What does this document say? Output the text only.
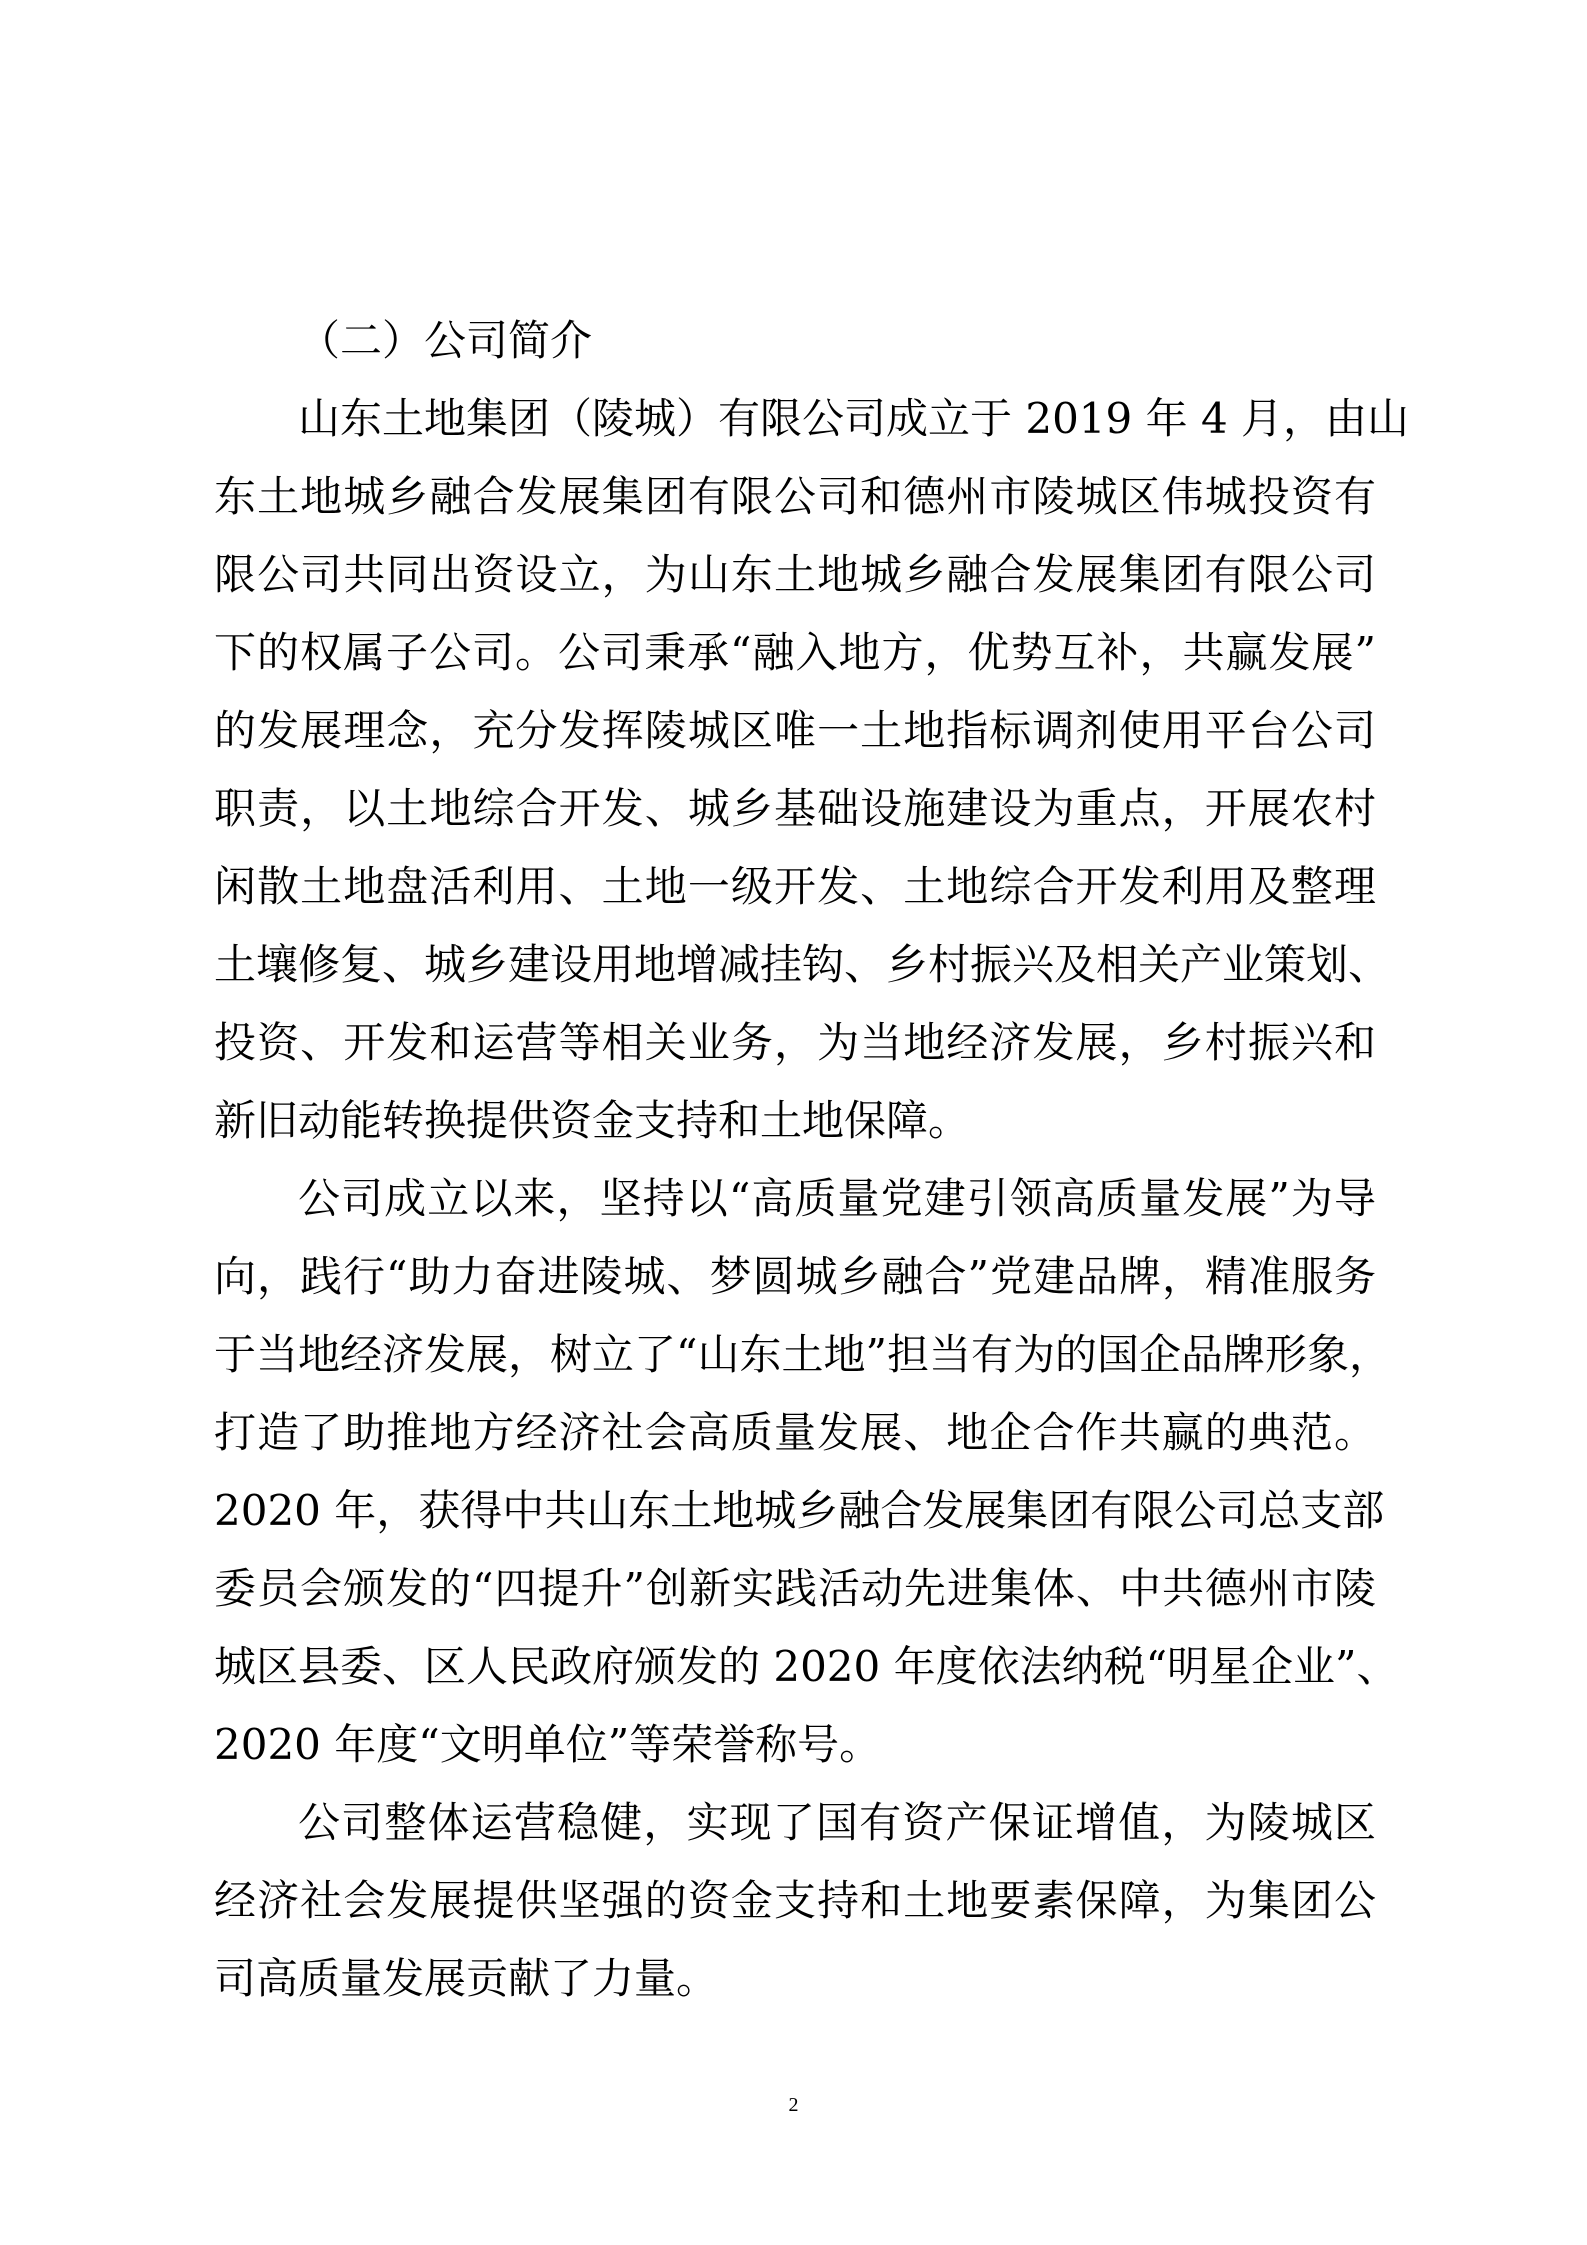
（二）公司简介

山东土地集团（陵城）有限公司成立于 2019 年 4 月，由山
东土地城乡融合发展集团有限公司和德州市陵城区伟城投资有
限公司共同出资设立，为山东土地城乡融合发展集团有限公司
下的权属子公司。公司秉承“融入地方，优势互补，共赢发展”
的发展理念，充分发挥陵城区唯一土地指标调剂使用平台公司
职责，以土地综合开发、城乡基础设施建设为重点，开展农村
闲散土地盘活利用、土地一级开发、土地综合开发利用及整理
土壤修复、城乡建设用地增减挂钩、乡村振兴及相关产业策划、
投资、开发和运营等相关业务，为当地经济发展，乡村振兴和
新旧动能转换提供资金支持和土地保障。

公司成立以来，坚持以“高质量党建引领高质量发展”为导
向，践行“助力奋进陵城、梦圆城乡融合”党建品牌，精准服务
于当地经济发展，树立了“山东土地”担当有为的国企品牌形象，
打造了助推地方经济社会高质量发展、地企合作共赢的典范。
2020 年，获得中共山东土地城乡融合发展集团有限公司总支部
委员会颁发的“四提升”创新实践活动先进集体、中共德州市陵
城区县委、区人民政府颁发的 2020 年度依法纳税“明星企业”、
2020 年度“文明单位”等荣誉称号。

公司整体运营稳健，实现了国有资产保证增值，为陵城区
经济社会发展提供坚强的资金支持和土地要素保障，为集团公
司高质量发展贡献了力量。

2
